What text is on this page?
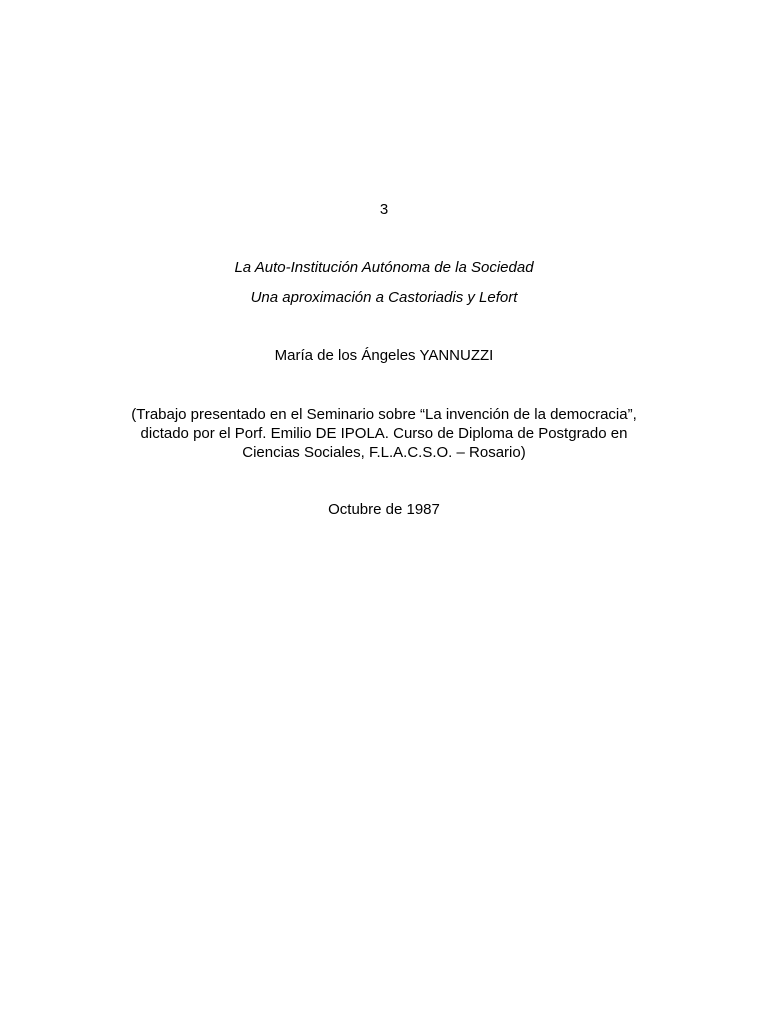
3
La Auto-Institución Autónoma de la Sociedad
Una aproximación a Castoriadis y Lefort
María de los Ángeles YANNUZZI
(Trabajo presentado en el Seminario sobre “La invención de la democracia”,
dictado por el Porf. Emilio DE IPOLA. Curso de Diploma de Postgrado en
Ciencias Sociales, F.L.A.C.S.O. – Rosario)
Octubre de 1987
